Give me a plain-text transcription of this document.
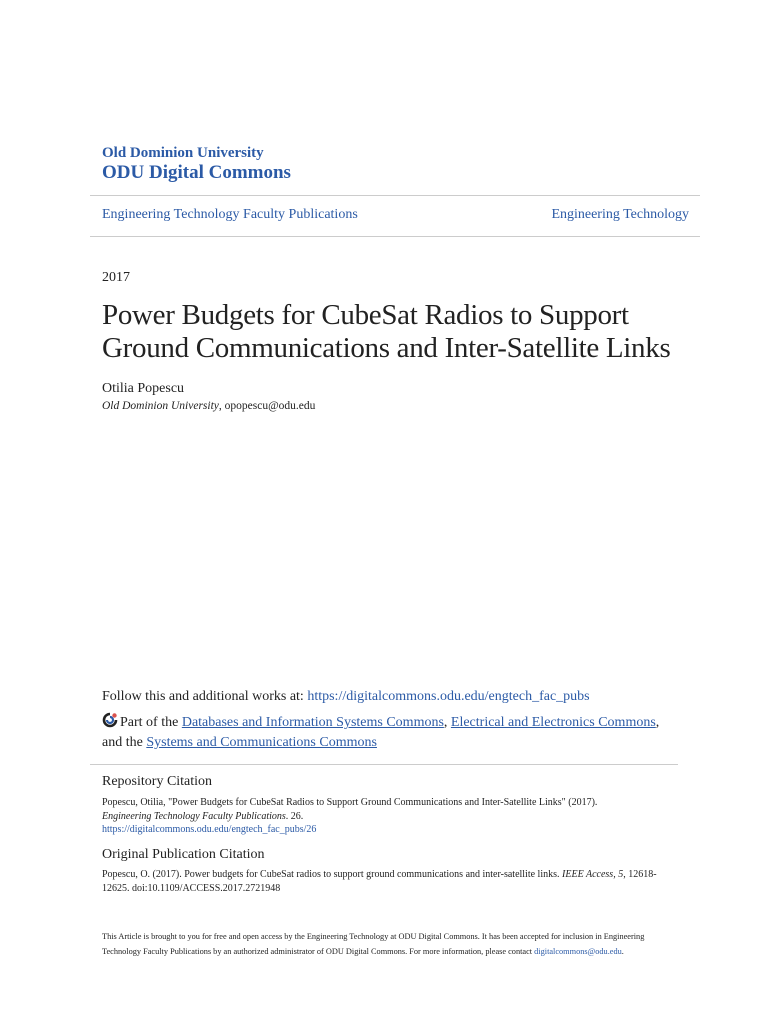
Old Dominion University
ODU Digital Commons
Engineering Technology Faculty Publications	Engineering Technology
2017
Power Budgets for CubeSat Radios to Support Ground Communications and Inter-Satellite Links
Otilia Popescu
Old Dominion University, opopescu@odu.edu
Follow this and additional works at: https://digitalcommons.odu.edu/engtech_fac_pubs
Part of the Databases and Information Systems Commons, Electrical and Electronics Commons,
and the Systems and Communications Commons
Repository Citation
Popescu, Otilia, "Power Budgets for CubeSat Radios to Support Ground Communications and Inter-Satellite Links" (2017).
Engineering Technology Faculty Publications. 26.
https://digitalcommons.odu.edu/engtech_fac_pubs/26
Original Publication Citation
Popescu, O. (2017). Power budgets for CubeSat radios to support ground communications and inter-satellite links. IEEE Access, 5, 12618-12625. doi:10.1109/ACCESS.2017.2721948
This Article is brought to you for free and open access by the Engineering Technology at ODU Digital Commons. It has been accepted for inclusion in Engineering Technology Faculty Publications by an authorized administrator of ODU Digital Commons. For more information, please contact digitalcommons@odu.edu.
